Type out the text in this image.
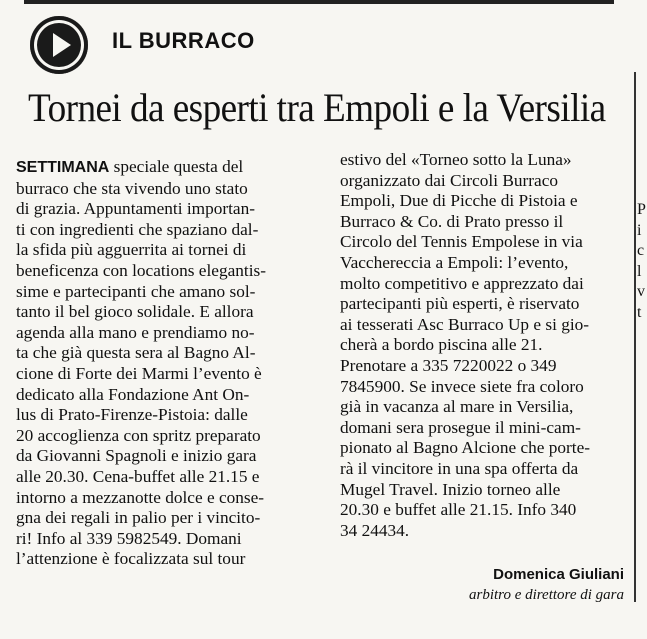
IL BURRACO
Tornei da esperti tra Empoli e la Versilia
SETTIMANA speciale questa del
burraco che sta vivendo uno stato
di grazia. Appuntamenti importan-
ti con ingredienti che spaziano dal-
la sfida più agguerrita ai tornei di
beneficenza con locations elegantis-
sime e partecipanti che amano sol-
tanto il bel gioco solidale. E allora
agenda alla mano e prendiamo no-
ta che già questa sera al Bagno Al-
cione di Forte dei Marmi l’evento è
dedicato alla Fondazione Ant On-
lus di Prato-Firenze-Pistoia: dalle
20 accoglienza con spritz preparato
da Giovanni Spagnoli e inizio gara
alle 20.30. Cena-buffet alle 21.15 e
intorno a mezzanotte dolce e conse-
gna dei regali in palio per i vincito-
ri! Info al 339 5982549. Domani
l’attenzione è focalizzata sul tour
estivo del «Torneo sotto la Luna»
organizzato dai Circoli Burraco
Empoli, Due di Picche di Pistoia e
Burraco & Co. di Prato presso il
Circolo del Tennis Empolese in via
Vacchereccia a Empoli: l’evento,
molto competitivo e apprezzato dai
partecipanti più esperti, è riservato
ai tesserati Asc Burraco Up e si gio-
cherà a bordo piscina alle 21.
Prenotare a 335 7220022 o 349
7845900. Se invece siete fra coloro
già in vacanza al mare in Versilia,
domani sera prosegue il mini-cam-
pionato al Bagno Alcione che porte-
rà il vincitore in una spa offerta da
Mugel Travel. Inizio torneo alle
20.30 e buffet alle 21.15. Info 340
34 24434.
Domenica Giuliani
arbitro e direttore di gara
P
i
c
l
v
t
